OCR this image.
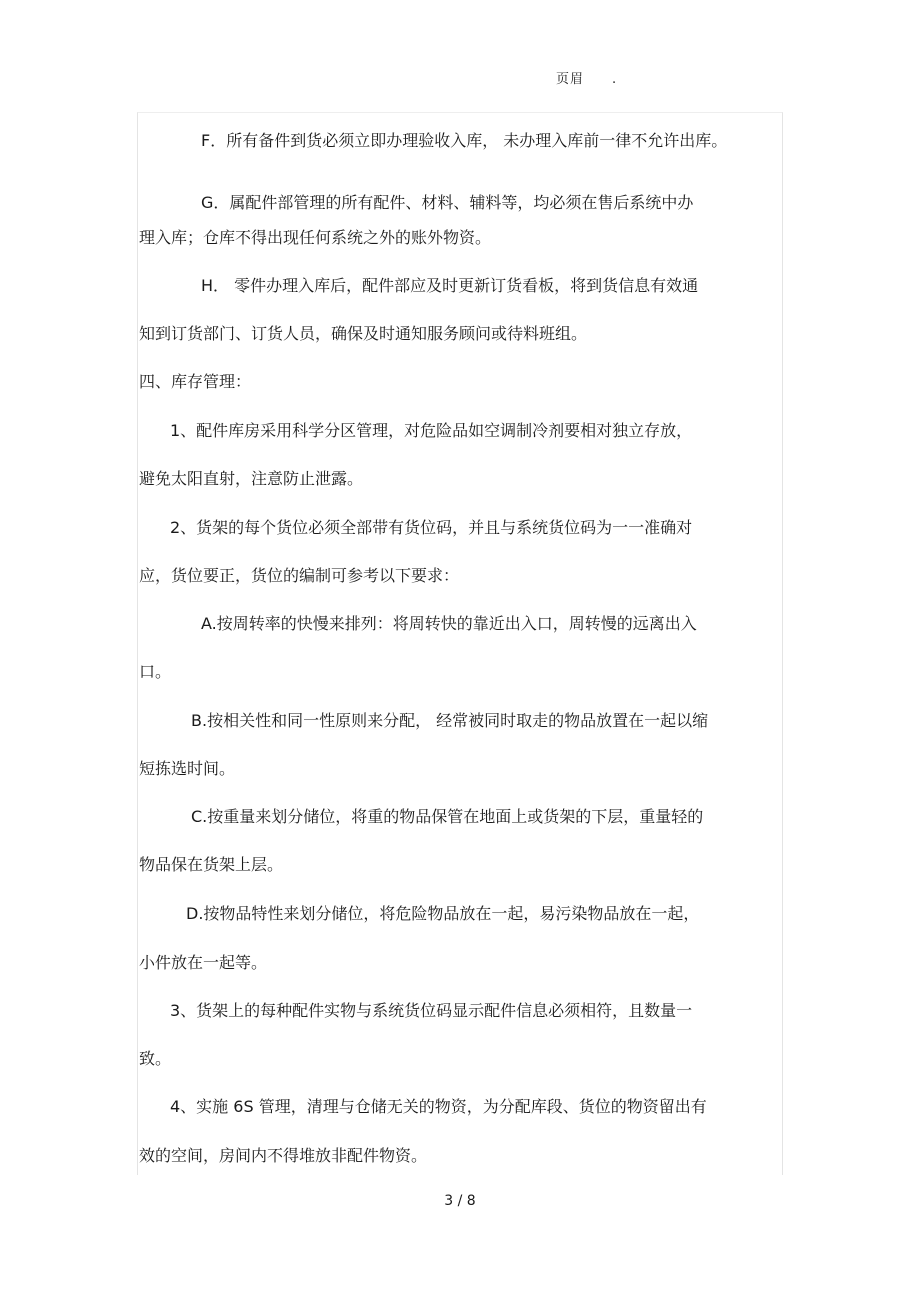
页眉 .
F．所有备件到货必须立即办理验收入库， 未办理入库前一律不允许出库。
G．属配件部管理的所有配件、材料、辅料等，均必须在售后系统中办
理入库；仓库不得出现任何系统之外的账外物资。
H． 零件办理入库后，配件部应及时更新订货看板，将到货信息有效通
知到订货部门、订货人员，确保及时通知服务顾问或待料班组。
四、库存管理：
1、配件库房采用科学分区管理，对危险品如空调制冷剂要相对独立存放，
避免太阳直射，注意防止泄露。
2、货架的每个货位必须全部带有货位码，并且与系统货位码为一一准确对
应，货位要正，货位的编制可参考以下要求：
A.按周转率的快慢来排列：将周转快的靠近出入口，周转慢的远离出入
口。
B.按相关性和同一性原则来分配， 经常被同时取走的物品放置在一起以缩
短拣选时间。
C.按重量来划分储位，将重的物品保管在地面上或货架的下层，重量轻的
物品保在货架上层。
D.按物品特性来划分储位，将危险物品放在一起，易污染物品放在一起，
小件放在一起等。
3、货架上的每种配件实物与系统货位码显示配件信息必须相符，且数量一
致。
4、实施 6S 管理，清理与仓储无关的物资，为分配库段、货位的物资留出有
效的空间，房间内不得堆放非配件物资。
3 / 8
